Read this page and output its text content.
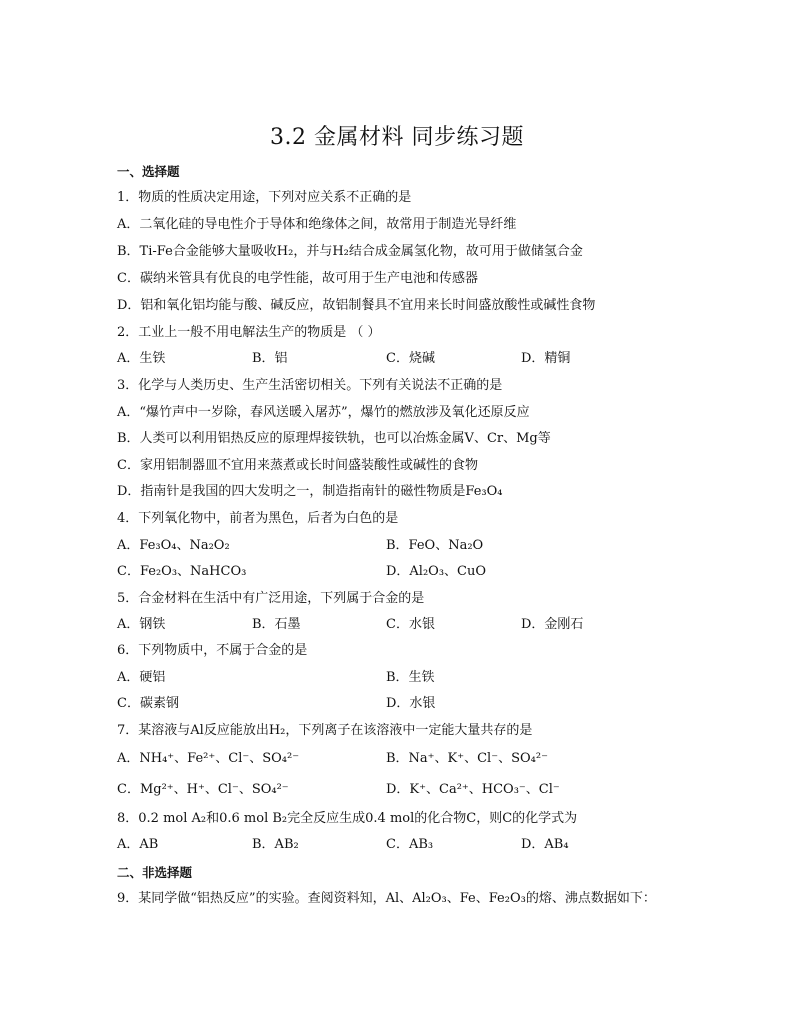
3.2 金属材料 同步练习题
一、选择题
1．物质的性质决定用途，下列对应关系不正确的是
A．二氧化硅的导电性介于导体和绝缘体之间，故常用于制造光导纤维
B．Ti-Fe合金能够大量吸收H₂，并与H₂结合成金属氢化物，故可用于做储氢合金
C．碳纳米管具有优良的电学性能，故可用于生产电池和传感器
D．铝和氧化铝均能与酸、碱反应，故铝制餐具不宜用来长时间盛放酸性或碱性食物
2．工业上一般不用电解法生产的物质是 （ ）
A．生铁	B．铝	C．烧碱	D．精铜
3．化学与人类历史、生产生活密切相关。下列有关说法不正确的是
A．“爆竹声中一岁除，春风送暖入屠苏”，爆竹的燃放涉及氧化还原反应
B．人类可以利用铝热反应的原理焊接铁轨，也可以冶炼金属V、Cr、Mg等
C．家用铝制器皿不宜用来蒸煮或长时间盛装酸性或碱性的食物
D．指南针是我国的四大发明之一，制造指南针的磁性物质是Fe₃O₄
4．下列氧化物中，前者为黑色，后者为白色的是
A．Fe₃O₄、Na₂O₂	B．FeO、Na₂O
C．Fe₂O₃、NaHCO₃	D．Al₂O₃、CuO
5．合金材料在生活中有广泛用途，下列属于合金的是
A．钢铁	B．石墨	C．水银	D．金刚石
6．下列物质中，不属于合金的是
A．硬铝	B．生铁
C．碳素钢	D．水银
7．某溶液与Al反应能放出H₂，下列离子在该溶液中一定能大量共存的是
A．NH₄⁺、Fe²⁺、Cl⁻、SO₄²⁻	B．Na⁺、K⁺、Cl⁻、SO₄²⁻
C．Mg²⁺、H⁺、Cl⁻、SO₄²⁻	D．K⁺、Ca²⁺、HCO₃⁻、Cl⁻
8．0.2 mol A₂和0.6 mol B₂完全反应生成0.4 mol的化合物C，则C的化学式为
A．AB	B．AB₂	C．AB₃	D．AB₄
二、非选择题
9．某同学做“铝热反应”的实验。查阅资料知，Al、Al₂O₃、Fe、Fe₂O₃的熔、沸点数据如下：
